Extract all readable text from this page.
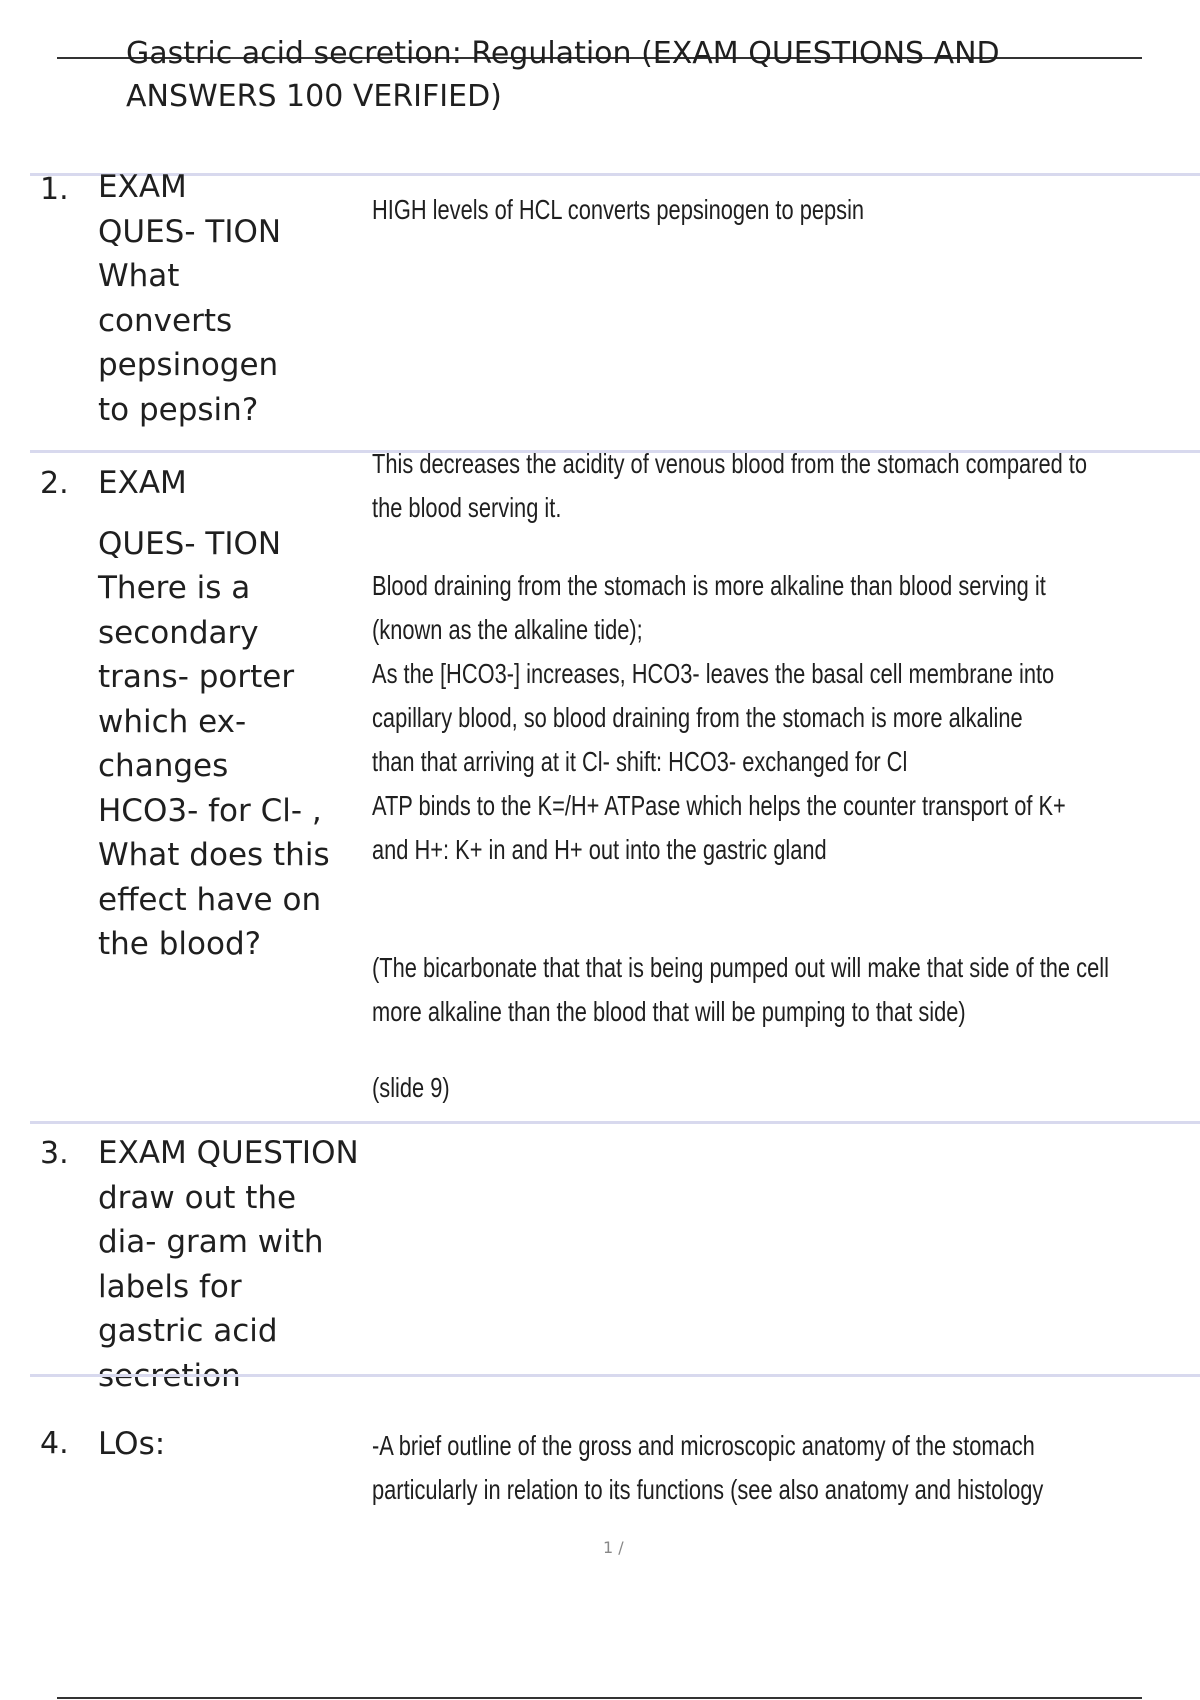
Gastric acid secretion: Regulation (EXAM QUESTIONS AND
ANSWERS 100 VERIFIED)
1. EXAM
QUES- TION
What
converts
pepsinogen
to pepsin?

HIGH levels of HCL converts pepsinogen to pepsin

2. EXAM
QUES- TION
There is a
secondary
trans- porter
which ex-
changes
HCO3- for Cl- ,
What does this
effect have on
the blood?

This decreases the acidity of venous blood from the stomach compared to

the blood serving it.

Blood draining from the stomach is more alkaline than blood serving it

(known as the alkaline tide);

As the [HCO3-] increases, HCO3- leaves the basal cell membrane into

capillary blood, so blood draining from the stomach is more alkaline

than that arriving at it Cl- shift: HCO3- exchanged for Cl

ATP binds to the K=/H+ ATPase which helps the counter transport of K+

and H+: K+ in and H+ out into the gastric gland

(The bicarbonate that that is being pumped out will make that side of the cell

more alkaline than the blood that will be pumping to that side)

(slide 9)

3. EXAM QUESTION
draw out the
dia- gram with
labels for
gastric acid
secretion
4. LOs:	-A brief outline of the gross and microscopic anatomy of the stomach

particularly in relation to its functions (see also anatomy and histology

1 /
